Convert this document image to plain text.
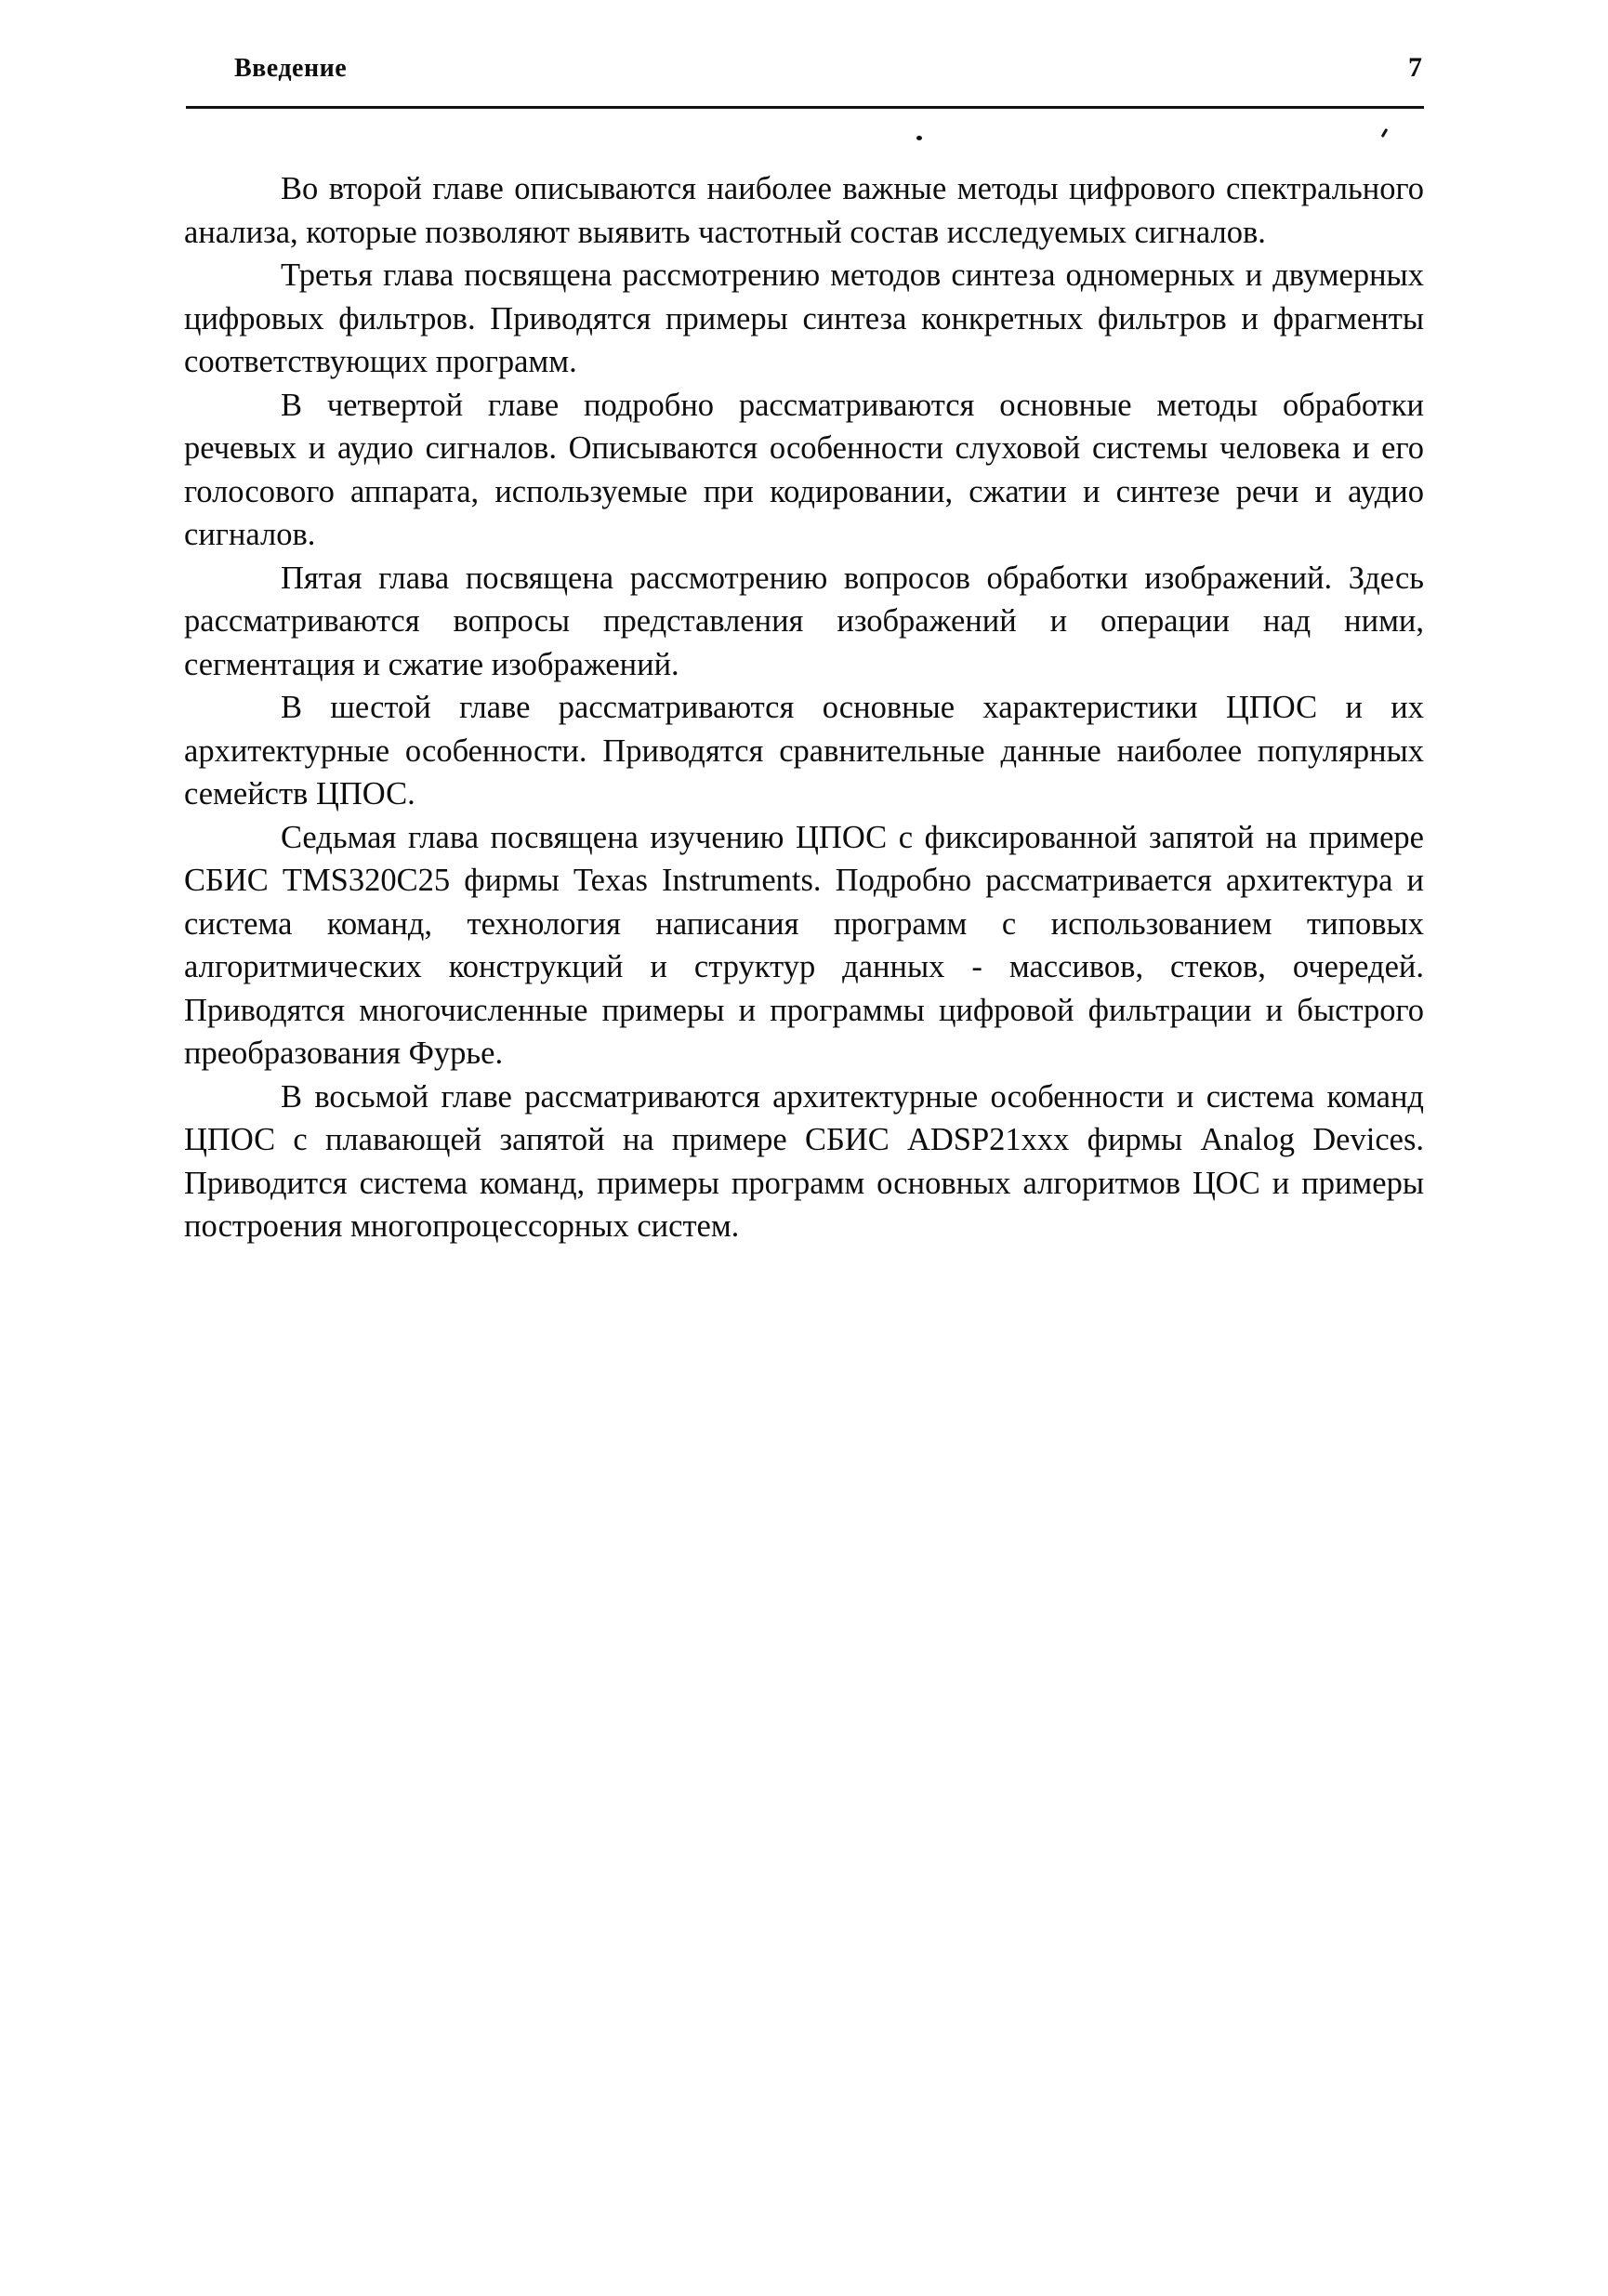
Введение	7

Во второй главе описываются наиболее важные методы цифрового спектрального анализа, которые позволяют выявить частотный состав исследуемых сигналов.

Третья глава посвящена рассмотрению методов синтеза одномерных и двумерных цифровых фильтров. Приводятся примеры синтеза конкретных фильтров и фрагменты соответствующих программ.

В четвертой главе подробно рассматриваются основные методы обработки речевых и аудио сигналов. Описываются особенности слуховой системы человека и его голосового аппарата, используемые при кодировании, сжатии и синтезе речи и аудио сигналов.

Пятая глава посвящена рассмотрению вопросов обработки изображений. Здесь рассматриваются вопросы представления изображений и операции над ними, сегментация и сжатие изображений.

В шестой главе рассматриваются основные характеристики ЦПОС и их архитектурные особенности. Приводятся сравнительные данные наиболее популярных семейств ЦПОС.

Седьмая глава посвящена изучению ЦПОС с фиксированной запятой на примере СБИС TMS320C25 фирмы Texas Instruments. Подробно рассматривается архитектура и система команд, технология написания программ с использованием типовых алгоритмических конструкций и структур данных - массивов, стеков, очередей. Приводятся многочисленные примеры и программы цифровой фильтрации и быстрого преобразования Фурье.

В восьмой главе рассматриваются архитектурные особенности и система команд ЦПОС с плавающей запятой на примере СБИС ADSP21xxx фирмы Analog Devices. Приводится система команд, примеры программ основных алгоритмов ЦОС и примеры построения многопроцессорных систем.
